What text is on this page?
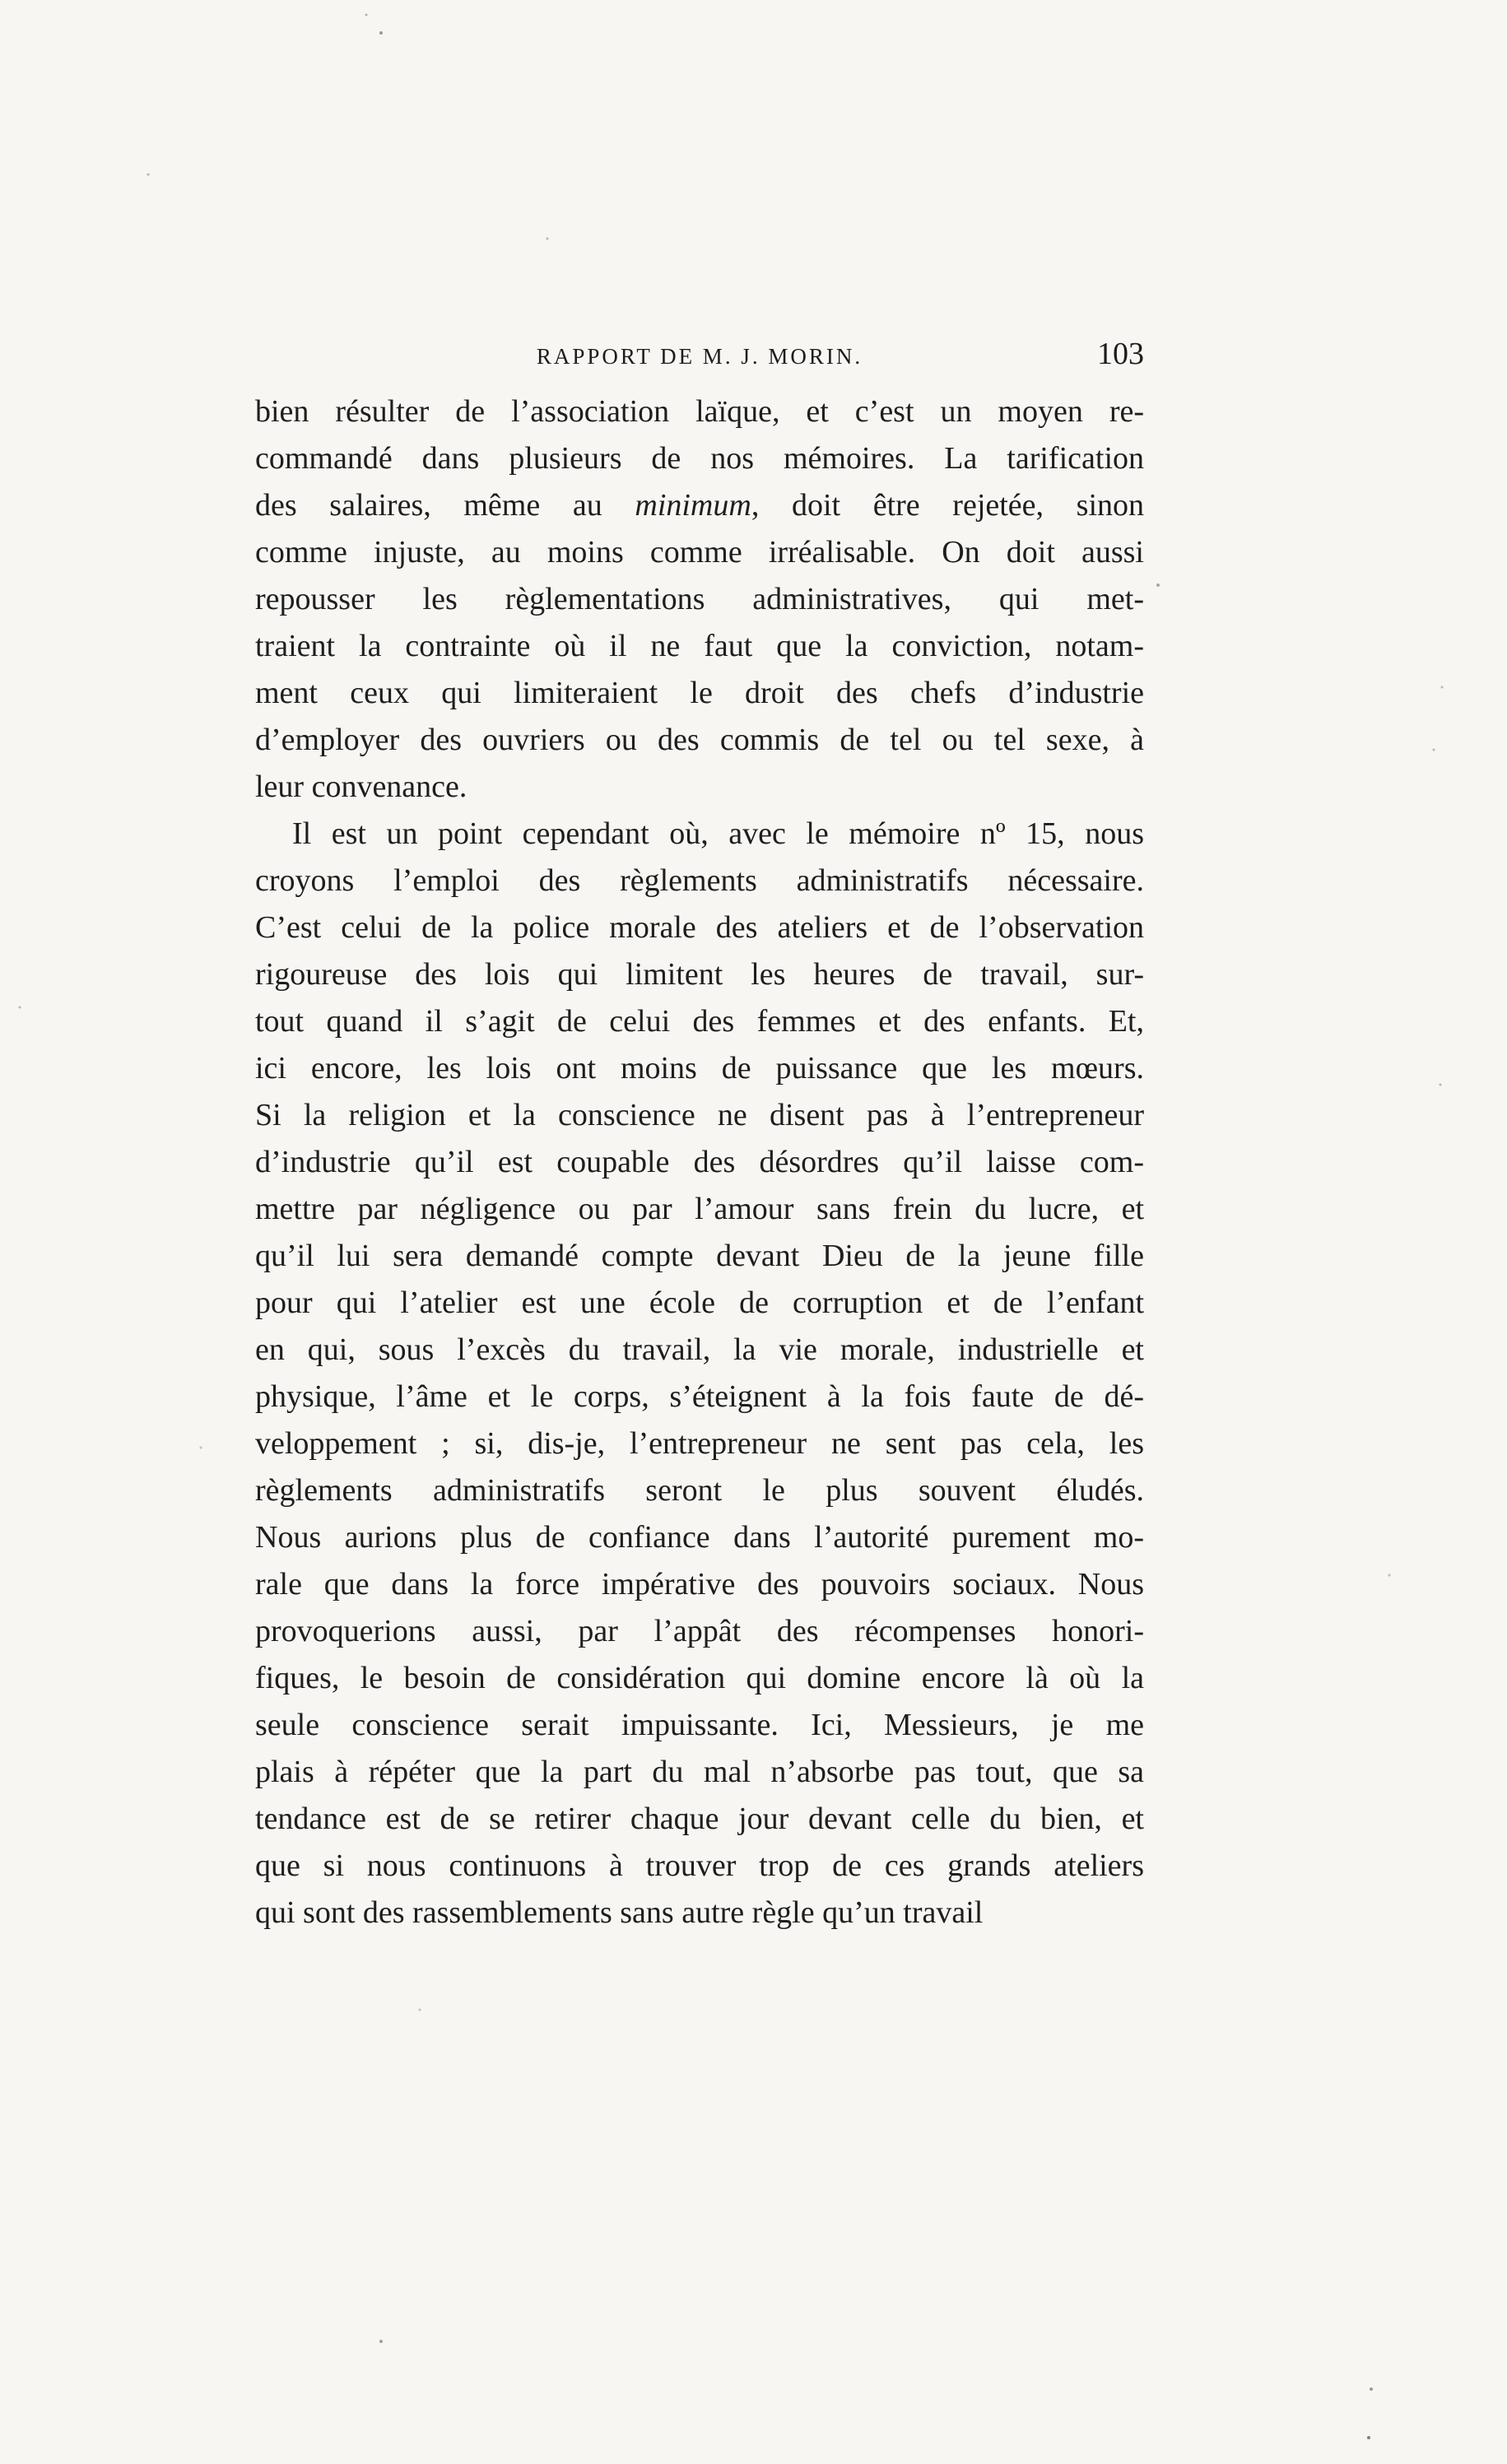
RAPPORT DE M. J. MORIN.	103
bien résulter de l’association laïque, et c’est un moyen re-
commandé dans plusieurs de nos mémoires. La tarification
des salaires, même au minimum, doit être rejetée, sinon
comme injuste, au moins comme irréalisable. On doit aussi
repousser les règlementations administratives, qui met-
traient la contrainte où il ne faut que la conviction, notam-
ment ceux qui limiteraient le droit des chefs d’industrie
d’employer des ouvriers ou des commis de tel ou tel sexe, à
leur convenance.
Il est un point cependant où, avec le mémoire nº 15, nous
croyons l’emploi des règlements administratifs nécessaire.
C’est celui de la police morale des ateliers et de l’observation
rigoureuse des lois qui limitent les heures de travail, sur-
tout quand il s’agit de celui des femmes et des enfants. Et,
ici encore, les lois ont moins de puissance que les mœurs.
Si la religion et la conscience ne disent pas à l’entrepreneur
d’industrie qu’il est coupable des désordres qu’il laisse com-
mettre par négligence ou par l’amour sans frein du lucre, et
qu’il lui sera demandé compte devant Dieu de la jeune fille
pour qui l’atelier est une école de corruption et de l’enfant
en qui, sous l’excès du travail, la vie morale, industrielle et
physique, l’âme et le corps, s’éteignent à la fois faute de dé-
veloppement ; si, dis-je, l’entrepreneur ne sent pas cela, les
règlements administratifs seront le plus souvent éludés.
Nous aurions plus de confiance dans l’autorité purement mo-
rale que dans la force impérative des pouvoirs sociaux. Nous
provoquerions aussi, par l’appât des récompenses honori-
fiques, le besoin de considération qui domine encore là où la
seule conscience serait impuissante. Ici, Messieurs, je me
plais à répéter que la part du mal n’absorbe pas tout, que sa
tendance est de se retirer chaque jour devant celle du bien, et
que si nous continuons à trouver trop de ces grands ateliers
qui sont des rassemblements sans autre règle qu’un travail
